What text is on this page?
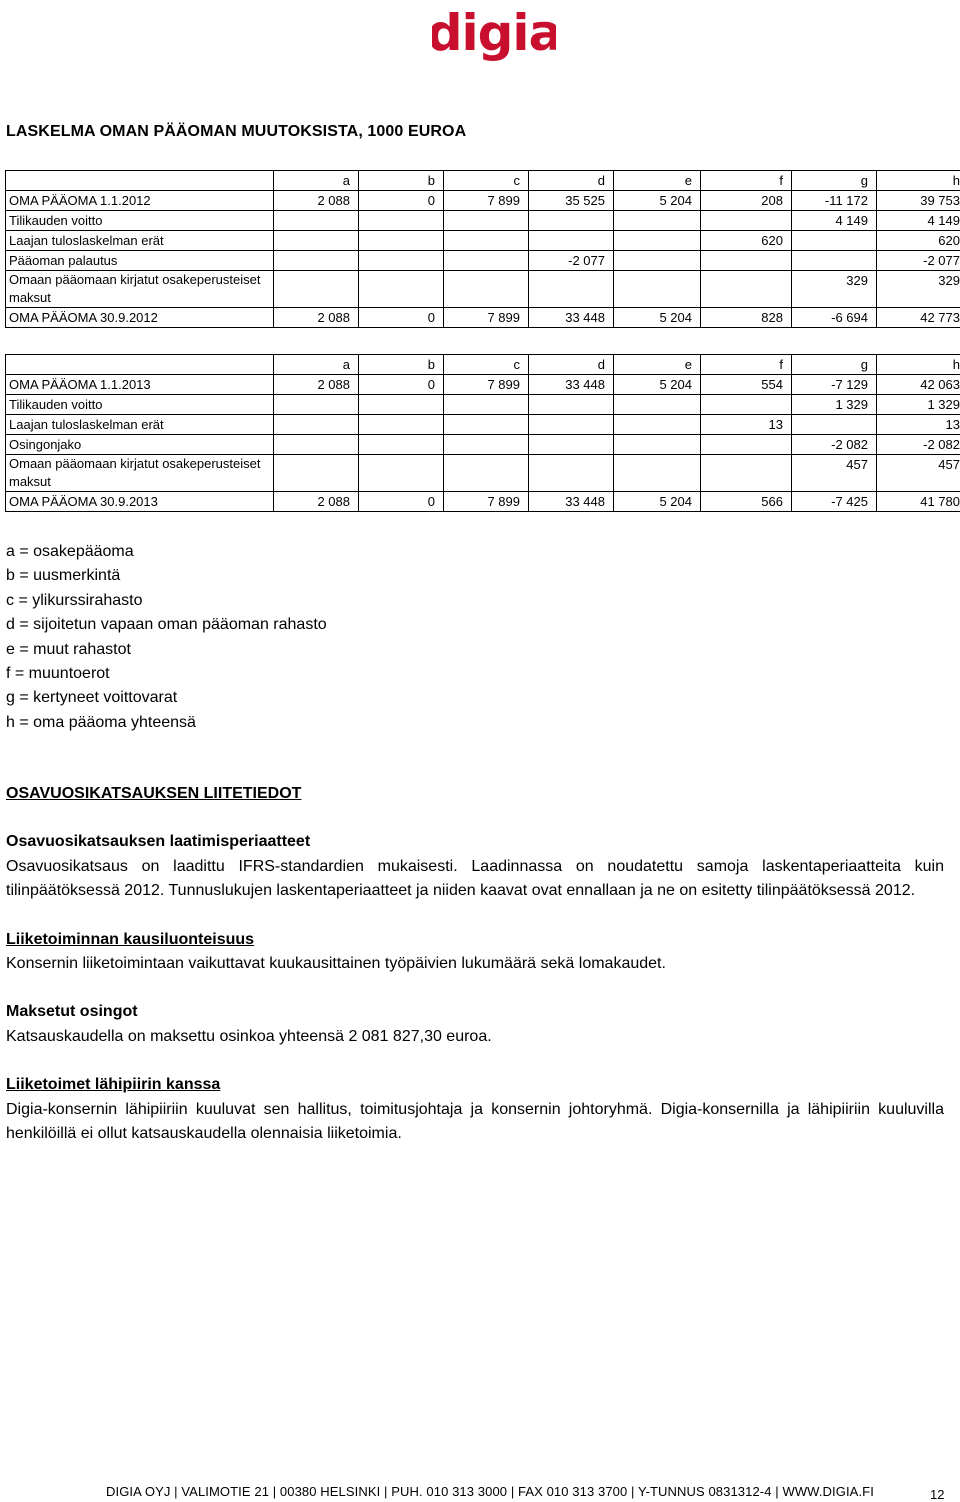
digia
LASKELMA OMAN PÄÄOMAN MUUTOKSISTA, 1000 EUROA
	a	b	c	d	e	f	g	h
OMA PÄÄOMA 1.1.2012	2 088	0	7 899	35 525	5 204	208	-11 172	39 753
Tilikauden voitto							4 149	4 149
Laajan tuloslaskelman erät						620		620
Pääoman palautus				-2 077				-2 077
Omaan pääomaan kirjatut osakeperusteiset maksut							329	329
OMA PÄÄOMA 30.9.2012	2 088	0	7 899	33 448	5 204	828	-6 694	42 773
	a	b	c	d	e	f	g	h
OMA PÄÄOMA 1.1.2013	2 088	0	7 899	33 448	5 204	554	-7 129	42 063
Tilikauden voitto							1 329	1 329
Laajan tuloslaskelman erät						13		13
Osingonjako							-2 082	-2 082
Omaan pääomaan kirjatut osakeperusteiset maksut							457	457
OMA PÄÄOMA 30.9.2013	2 088	0	7 899	33 448	5 204	566	-7 425	41 780
a = osakepääoma
b = uusmerkintä
c = ylikurssirahasto
d = sijoitetun vapaan oman pääoman rahasto
e = muut rahastot
f = muuntoerot
g = kertyneet voittovarat
h = oma pääoma yhteensä
OSAVUOSIKATSAUKSEN LIITETIEDOT
Osavuosikatsauksen laatimisperiaatteet

Osavuosikatsaus on laadittu IFRS-standardien mukaisesti. Laadinnassa on noudatettu samoja laskentaperiaatteita kuin tilinpäätöksessä 2012. Tunnuslukujen laskentaperiaatteet ja niiden kaavat ovat ennallaan ja ne on esitetty tilinpäätöksessä 2012.

Liiketoiminnan kausiluonteisuus

Konsernin liiketoimintaan vaikuttavat kuukausittainen työpäivien lukumäärä sekä lomakaudet.

Maksetut osingot

Katsauskaudella on maksettu osinkoa yhteensä 2 081 827,30 euroa.

Liiketoimet lähipiirin kanssa

Digia-konsernin lähipiiriin kuuluvat sen hallitus, toimitusjohtaja ja konsernin johtoryhmä. Digia-konsernilla ja lähipiiriin kuuluvilla henkilöillä ei ollut katsauskaudella olennaisia liiketoimia.

DIGIA OYJ | VALIMOTIE 21 | 00380 HELSINKI | PUH. 010 313 3000 | FAX 010 313 3700 | Y-TUNNUS 0831312-4 | WWW.DIGIA.FI	12
